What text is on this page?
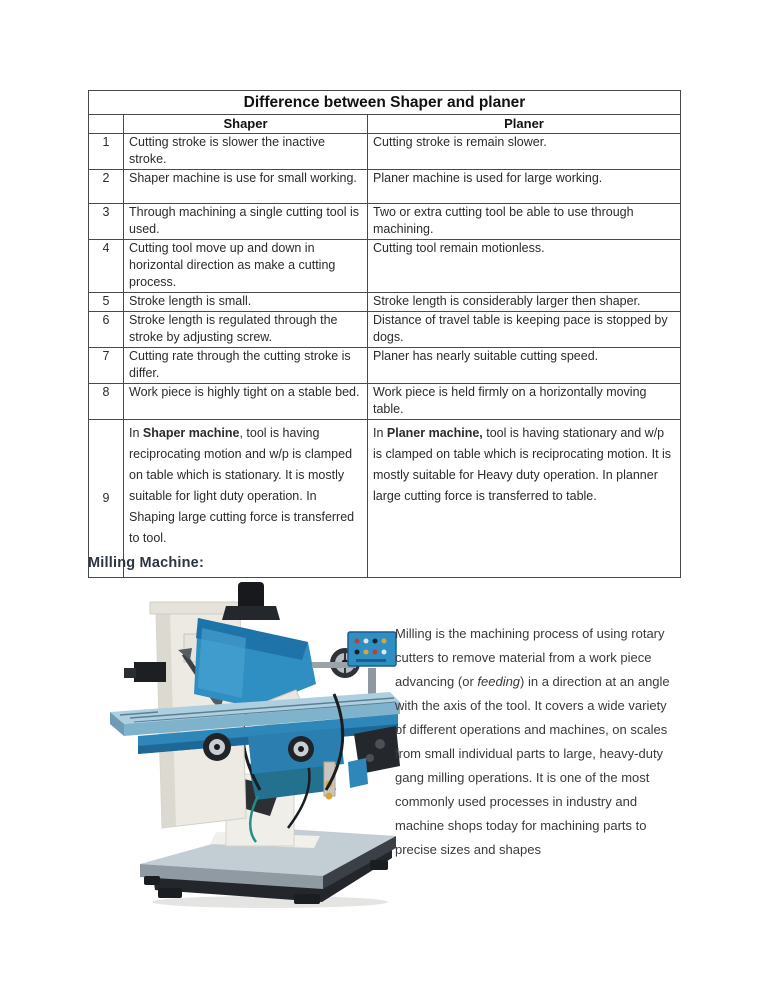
Difference between Shaper and planer		
	Shaper	Planer
1	Cutting stroke is slower the inactive stroke.	Cutting stroke is remain slower.
2	Shaper machine is use for small working.	Planer machine is used for large working.
3	Through machining a single cutting tool is used.	Two or extra cutting tool be able to use through machining.
4	Cutting tool move up and down in horizontal direction as make a cutting process.	Cutting tool remain motionless.
5	Stroke length is small.	Stroke length is considerably larger then shaper.
6	Stroke length is regulated through the stroke by adjusting screw.	Distance of travel table is keeping pace is stopped by dogs.
7	Cutting rate through the cutting stroke is differ.	Planer has nearly suitable cutting speed.
8	Work piece is highly tight on a stable bed.	Work piece is held firmly on a horizontally moving table.
9	In Shaper machine, tool is having reciprocating motion and w/p is clamped on table which is stationary. It is mostly suitable for light duty operation. In Shaping large cutting force is transferred to tool.	In Planer machine, tool is having stationary and w/p is clamped on table which is reciprocating motion. It is mostly suitable for Heavy duty operation. In planner large cutting force is transferred to table.
Milling Machine:
Milling is the machining process of using rotary cutters to remove material from a work piece advancing (or feeding) in a direction at an angle with the axis of the tool. It covers a wide variety of different operations and machines, on scales from small individual parts to large, heavy-duty gang milling operations. It is one of the most commonly used processes in industry and machine shops today for machining parts to precise sizes and shapes
